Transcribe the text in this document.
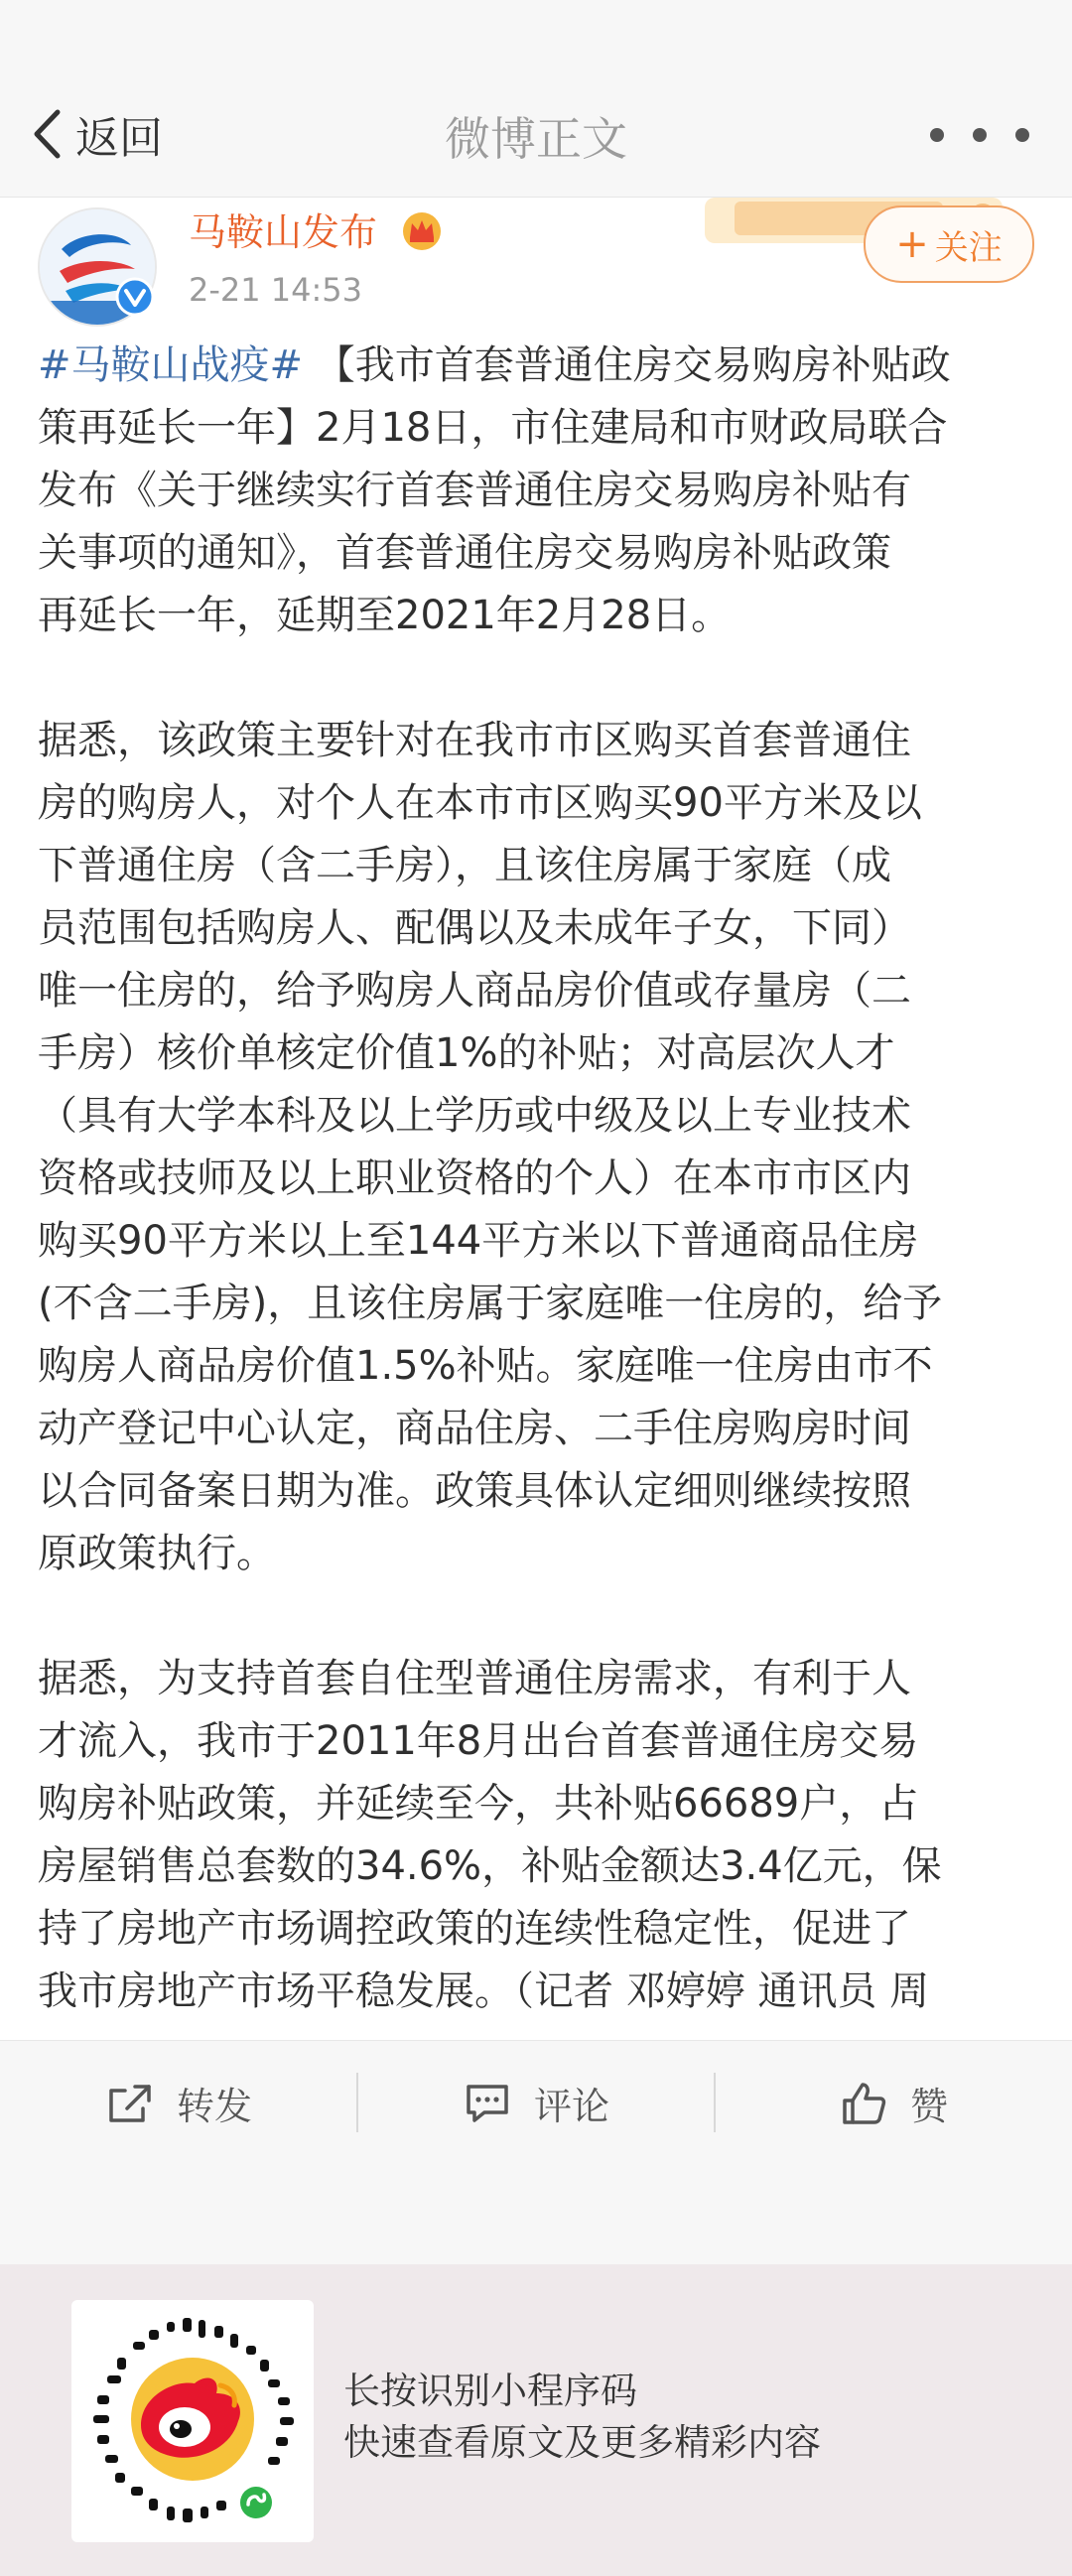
返回	微博正文
马鞍山发布
2-21 14:53
+ 关注
#马鞍山战疫# 【我市首套普通住房交易购房补贴政
策再延长一年】2月18日，市住建局和市财政局联合
发布《关于继续实行首套普通住房交易购房补贴有
关事项的通知》，首套普通住房交易购房补贴政策
再延长一年，延期至2021年2月28日。

据悉，该政策主要针对在我市市区购买首套普通住
房的购房人，对个人在本市市区购买90平方米及以
下普通住房（含二手房），且该住房属于家庭（成
员范围包括购房人、配偶以及未成年子女，下同）
唯一住房的，给予购房人商品房价值或存量房（二
手房）核价单核定价值1%的补贴；对高层次人才
（具有大学本科及以上学历或中级及以上专业技术
资格或技师及以上职业资格的个人）在本市市区内
购买90平方米以上至144平方米以下普通商品住房
(不含二手房)，且该住房属于家庭唯一住房的，给予
购房人商品房价值1.5%补贴。家庭唯一住房由市不
动产登记中心认定，商品住房、二手住房购房时间
以合同备案日期为准。政策具体认定细则继续按照
原政策执行。

据悉，为支持首套自住型普通住房需求，有利于人
才流入，我市于2011年8月出台首套普通住房交易
购房补贴政策，并延续至今，共补贴66689户，占
房屋销售总套数的34.6%，补贴金额达3.4亿元，保
持了房地产市场调控政策的连续性稳定性，促进了
我市房地产市场平稳发展。（记者 邓婷婷 通讯员 周
转发	评论	赞
长按识别小程序码
快速查看原文及更多精彩内容
